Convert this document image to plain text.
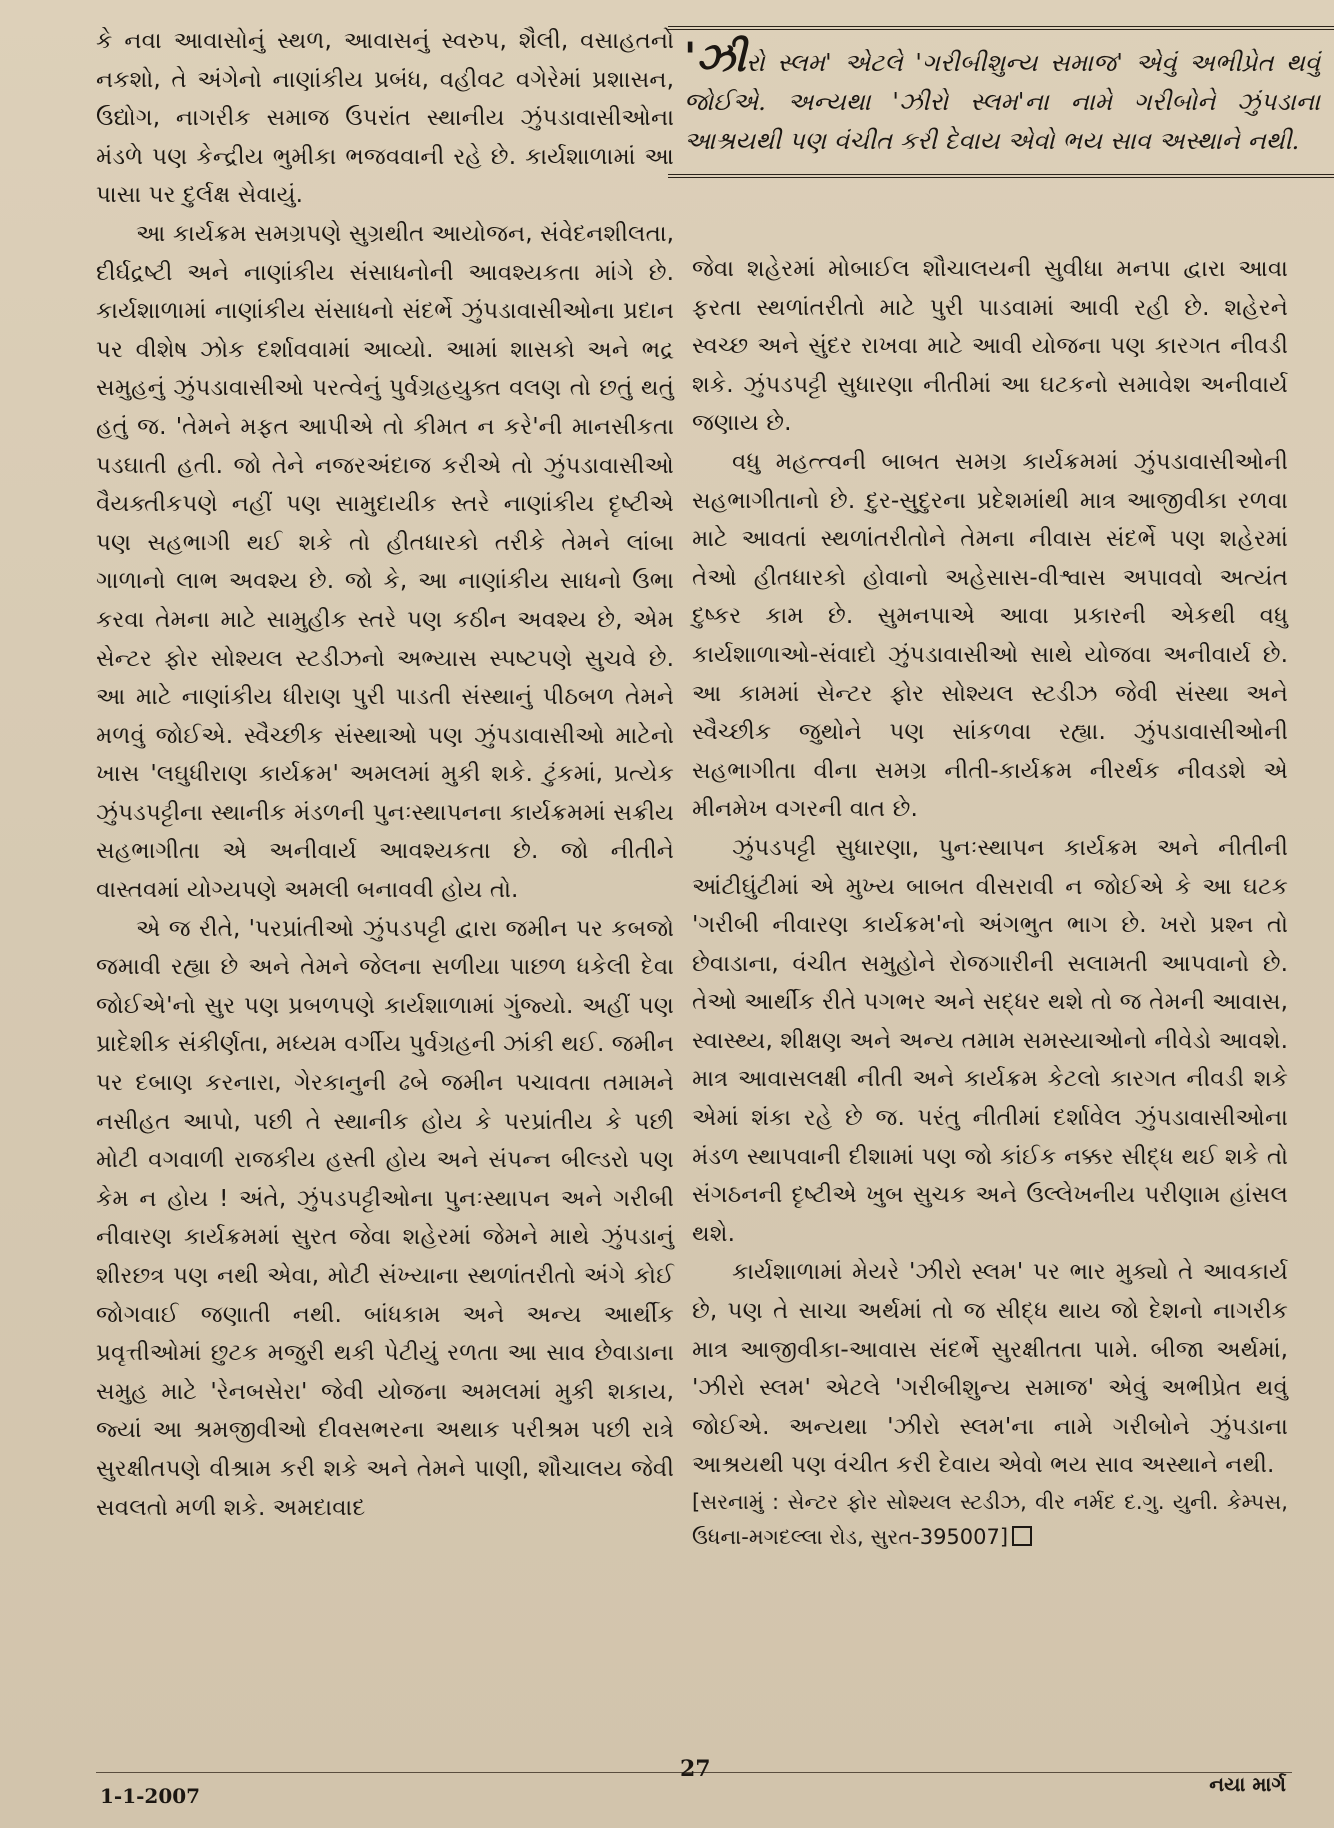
કે નવા આવાસોનું સ્થળ, આવાસનું સ્વરુપ, શૈલી, વસાહતનો નકશો, તે અંગેનો નાણાંકીય પ્રબંધ, વહીવટ વગેરેમાં પ્રશાસન, ઉદ્યોગ, નાગરીક સમાજ ઉપરાંત સ્થાનીય ઝુંપડાવાસીઓના મંડળે પણ કેન્દ્રીય ભુમીકા ભજવવાની રહે છે. કાર્યશાળામાં આ પાસા પર દુર્લક્ષ સેવાયું.

આ કાર્યક્રમ સમગ્રપણે સુગ્રથીત આયોજન, સંવેદનશીલતા, દીર્ઘદ્રષ્ટી અને નાણાંકીય સંસાધનોની આવશ્યકતા માંગે છે. કાર્યશાળામાં નાણાંકીય સંસાધનો સંદર્ભે ઝુંપડાવાસીઓના પ્રદાન પર વીશેષ ઝોક દર્શાવવામાં આવ્યો. આમાં શાસકો અને ભદ્ર સમુહનું ઝુંપડાવાસીઓ પરત્વેનું પુર્વગ્રહયુક્ત વલણ તો છતું થતું હતું જ. 'તેમને મફત આપીએ તો કીમત ન કરે'ની માનસીકતા પડઘાતી હતી. જો તેને નજરઅંદાજ કરીએ તો ઝુંપડાવાસીઓ વૈયક્તીકપણે નહીં પણ સામુદાયીક સ્તરે નાણાંકીય દૃષ્ટીએ પણ સહભાગી થઈ શકે તો હીતધારકો તરીકે તેમને લાંબા ગાળાનો લાભ અવશ્ય છે. જો કે, આ નાણાંકીય સાધનો ઉભા કરવા તેમના માટે સામુહીક સ્તરે પણ કઠીન અવશ્ય છે, એમ સેન્ટર ફોર સોશ્યલ સ્ટડીઝનો અભ્યાસ સ્પષ્ટપણે સુચવે છે. આ માટે નાણાંકીય ધીરાણ પુરી પાડતી સંસ્થાનું પીઠબળ તેમને મળવું જોઈએ. સ્વૈચ્છીક સંસ્થાઓ પણ ઝુંપડાવાસીઓ માટેનો ખાસ 'લઘુધીરાણ કાર્યક્રમ' અમલમાં મુકી શકે. ટુંકમાં, પ્રત્યેક ઝુંપડપટ્ટીના સ્થાનીક મંડળની પુનઃસ્થાપનના કાર્યક્રમમાં સક્રીય સહભાગીતા એ અનીવાર્ય આવશ્યકતા છે. જો નીતીને વાસ્તવમાં યોગ્યપણે અમલી બનાવવી હોય તો.

એ જ રીતે, 'પરપ્રાંતીઓ ઝુંપડપટ્ટી દ્વારા જમીન પર કબજો જમાવી રહ્યા છે અને તેમને જેલના સળીયા પાછળ ધકેલી દેવા જોઈએ'નો સુર પણ પ્રબળપણે કાર્યશાળામાં ગુંજ્યો. અહીં પણ પ્રાદેશીક સંકીર્ણતા, મધ્યમ વર્ગીય પુર્વગ્રહની ઝાંકી થઈ. જમીન પર દબાણ કરનારા, ગેરકાનુની ઢબે જમીન પચાવતા તમામને નસીહત આપો, પછી તે સ્થાનીક હોય કે પરપ્રાંતીય કે પછી મોટી વગવાળી રાજકીય હસ્તી હોય અને સંપન્ન બીલ્ડરો પણ કેમ ન હોય ! અંતે, ઝુંપડપટ્ટીઓના પુનઃસ્થાપન અને ગરીબી નીવારણ કાર્યક્રમમાં સુરત જેવા શહેરમાં જેમને માથે ઝુંપડાનું શીરછત્ર પણ નથી એવા, મોટી સંખ્યાના સ્થળાંતરીતો અંગે કોઈ જોગવાઈ જણાતી નથી. બાંધકામ અને અન્ય આર્થીક પ્રવૃત્તીઓમાં છુટક મજુરી થકી પેટીયું રળતા આ સાવ છેવાડાના સમુહ માટે 'રેનબસેરા' જેવી યોજના અમલમાં મુકી શકાય, જ્યાં આ શ્રમજીવીઓ દીવસભરના અથાક પરીશ્રમ પછી રાત્રે સુરક્ષીતપણે વીશ્રામ કરી શકે અને તેમને પાણી, શૌચાલય જેવી સવલતો મળી શકે. અમદાવાદ

'ઝીરો સ્લમ' એટલે 'ગરીબીશુન્ય સમાજ' એવું અભીપ્રેત થવું જોઈએ. અન્યથા 'ઝીરો સ્લમ'ના નામે ગરીબોને ઝુંપડાના આશ્રયથી પણ વંચીત કરી દેવાય એવો ભય સાવ અસ્થાને નથી.

જેવા શહેરમાં મોબાઈલ શૌચાલયની સુવીધા મનપા દ્વારા આવા ફરતા સ્થળાંતરીતો માટે પુરી પાડવામાં આવી રહી છે. શહેરને સ્વચ્છ અને સુંદર રાખવા માટે આવી યોજના પણ કારગત નીવડી શકે. ઝુંપડપટ્ટી સુધારણા નીતીમાં આ ઘટકનો સમાવેશ અનીવાર્ય જણાય છે.

વધુ મહત્ત્વની બાબત સમગ્ર કાર્યક્રમમાં ઝુંપડાવાસીઓની સહભાગીતાનો છે. દુર-સુદુરના પ્રદેશમાંથી માત્ર આજીવીકા રળવા માટે આવતાં સ્થળાંતરીતોને તેમના નીવાસ સંદર્ભે પણ શહેરમાં તેઓ હીતધારકો હોવાનો અહેસાસ-વીશ્વાસ અપાવવો અત્યંત દુષ્કર કામ છે. સુમનપાએ આવા પ્રકારની એકથી વધુ કાર્યશાળાઓ-સંવાદો ઝુંપડાવાસીઓ સાથે યોજવા અનીવાર્ય છે. આ કામમાં સેન્ટર ફોર સોશ્યલ સ્ટડીઝ જેવી સંસ્થા અને સ્વૈચ્છીક જુથોને પણ સાંકળવા રહ્યા. ઝુંપડાવાસીઓની સહભાગીતા વીના સમગ્ર નીતી-કાર્યક્રમ નીરર્થક નીવડશે એ મીનમેખ વગરની વાત છે.

ઝુંપડપટ્ટી સુધારણા, પુનઃસ્થાપન કાર્યક્રમ અને નીતીની આંટીઘુંટીમાં એ મુખ્ય બાબત વીસરાવી ન જોઈએ કે આ ઘટક 'ગરીબી નીવારણ કાર્યક્રમ'નો અંગભુત ભાગ છે. ખરો પ્રશ્ન તો છેવાડાના, વંચીત સમુહોને રોજગારીની સલામતી આપવાનો છે. તેઓ આર્થીક રીતે પગભર અને સદ્ધર થશે તો જ તેમની આવાસ, સ્વાસ્થ્ય, શીક્ષણ અને અન્ય તમામ સમસ્યાઓનો નીવેડો આવશે. માત્ર આવાસલક્ષી નીતી અને કાર્યક્રમ કેટલો કારગત નીવડી શકે એમાં શંકા રહે છે જ. પરંતુ નીતીમાં દર્શાવેલ ઝુંપડાવાસીઓના મંડળ સ્થાપવાની દીશામાં પણ જો કાંઈક નક્કર સીદ્ધ થઈ શકે તો સંગઠનની દૃષ્ટીએ ખુબ સુચક અને ઉલ્લેખનીય પરીણામ હાંસલ થશે.

કાર્યશાળામાં મેયરે 'ઝીરો સ્લમ' પર ભાર મુક્યો તે આવકાર્ય છે, પણ તે સાચા અર્થમાં તો જ સીદ્ધ થાય જો દેશનો નાગરીક માત્ર આજીવીકા-આવાસ સંદર્ભે સુરક્ષીતતા પામે. બીજા અર્થમાં, 'ઝીરો સ્લમ' એટલે 'ગરીબીશુન્ય સમાજ' એવું અભીપ્રેત થવું જોઈએ. અન્યથા 'ઝીરો સ્લમ'ના નામે ગરીબોને ઝુંપડાના આશ્રયથી પણ વંચીત કરી દેવાય એવો ભય સાવ અસ્થાને નથી.

[સરનામું : સેન્ટર ફોર સોશ્યલ સ્ટડીઝ, વીર નર્મદ દ.ગુ. યુની. કેમ્પસ, ઉધના-મગદલ્લા રોડ, સુરત-395007]

27
1-1-2007	નયા માર્ગ
